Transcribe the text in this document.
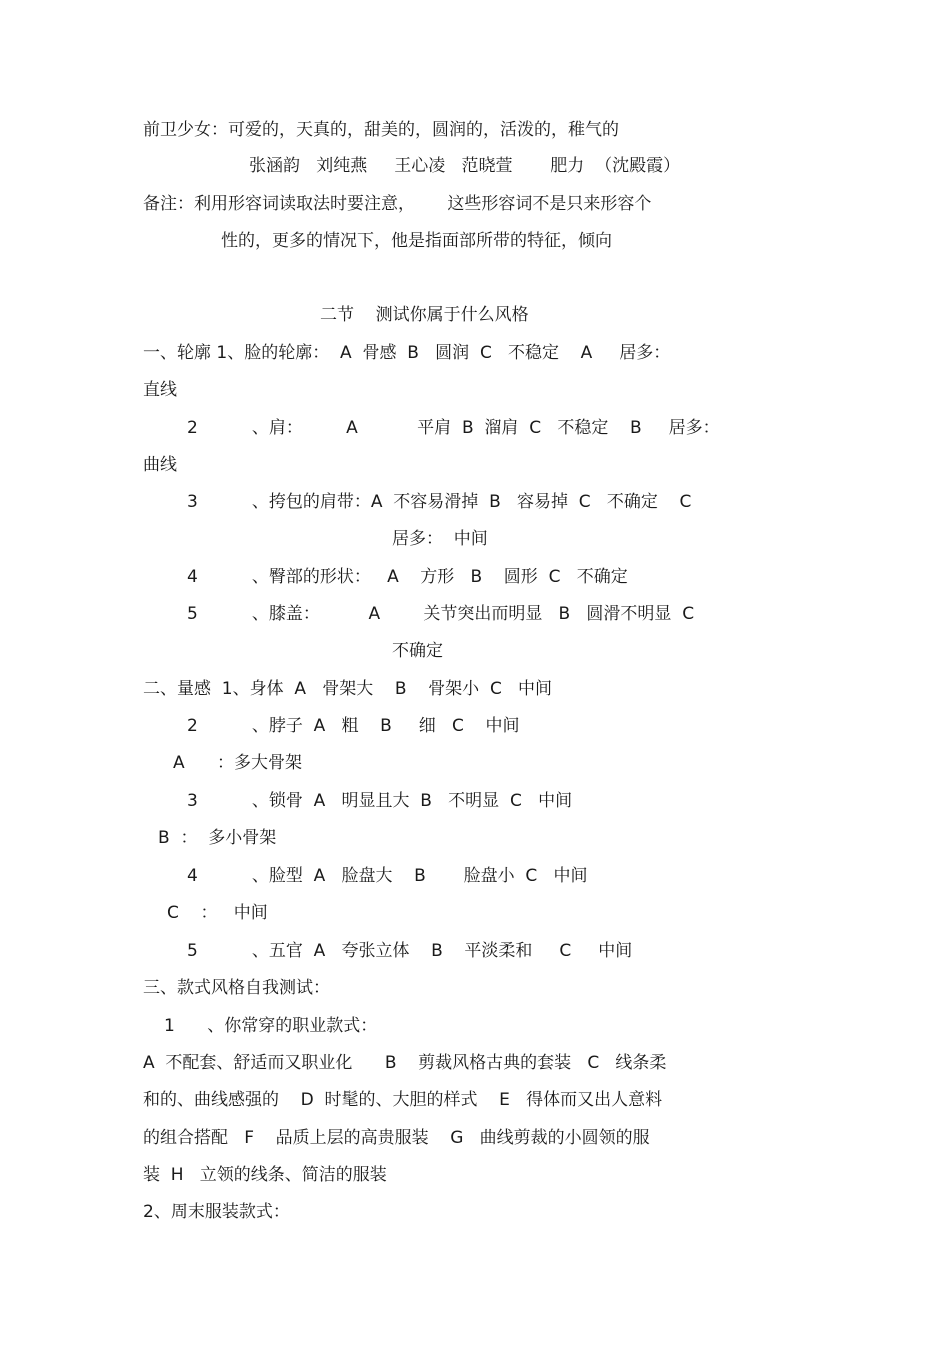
前卫少女：可爱的，天真的，甜美的，圆润的，活泼的，稚气的

张涵韵   刘纯燕     王心凌   范晓萱       肥力  （沈殿霞）

备注：利用形容词读取法时要注意，      这些形容词不是只来形容个

性的，更多的情况下，他是指面部所带的特征，倾向

二节    测试你属于什么风格

一、轮廓 1、脸的轮廓：  A  骨感  B   圆润  C   不稳定    A     居多：

直线

2          、肩：        A           平肩  B  溜肩  C   不稳定    B     居多：

曲线

3          、挎包的肩带：A  不容易滑掉  B   容易掉  C   不确定    C

居多：  中间

4          、臀部的形状：   A    方形   B    圆形  C   不确定

5          、膝盖：         A        关节突出而明显   B   圆滑不明显  C

不确定

二、量感  1、身体  A   骨架大    B    骨架小  C   中间

2          、脖子  A   粗    B     细   C    中间

A      ：多大骨架

3          、锁骨  A   明显且大  B   不明显  C   中间

B  ：  多小骨架

4          、脸型  A   脸盘大    B       脸盘小  C   中间

C    ：   中间

5          、五官  A   夸张立体    B    平淡柔和     C     中间

三、款式风格自我测试：

1      、你常穿的职业款式：

A  不配套、舒适而又职业化      B    剪裁风格古典的套装   C   线条柔

和的、曲线感强的    D  时髦的、大胆的样式    E   得体而又出人意料

的组合搭配   F    品质上层的高贵服装    G   曲线剪裁的小圆领的服

装  H   立领的线条、简洁的服装

2、周末服装款式：
